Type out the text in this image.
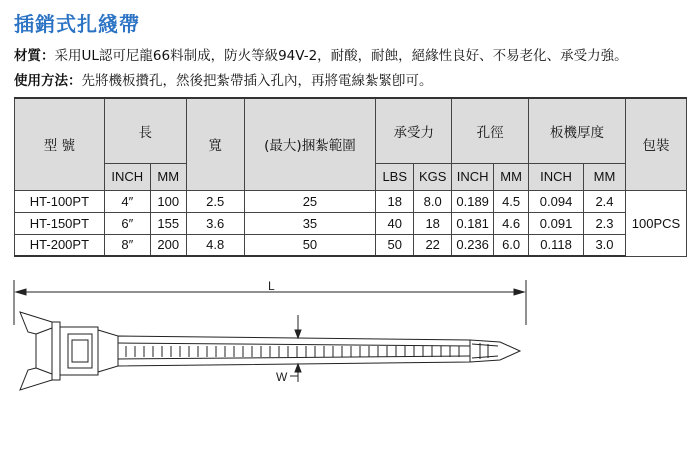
插銷式扎綫帶
材質：采用UL認可尼龍66料制成，防火等級94V-2，耐酸，耐蝕，絕緣性良好、不易老化、承受力強。
使用方法：先將機板攢孔，然後把紮帶插入孔內，再將電線紮緊卽可。
型 號	長		寬	(最大)捆紮範圍	承受力		孔徑		板機厚度		包裝
	INCH	MM			LBS	KGS	INCH	MM	INCH	MM	
HT-100PT	4″	100	2.5	25	18	8.0	0.189	4.5	0.094	2.4	100PCS
HT-150PT	6″	155	3.6	35	40	18	0.181	4.6	0.091	2.3	
HT-200PT	8″	200	4.8	50	50	22	0.236	6.0	0.118	3.0	
L
W
